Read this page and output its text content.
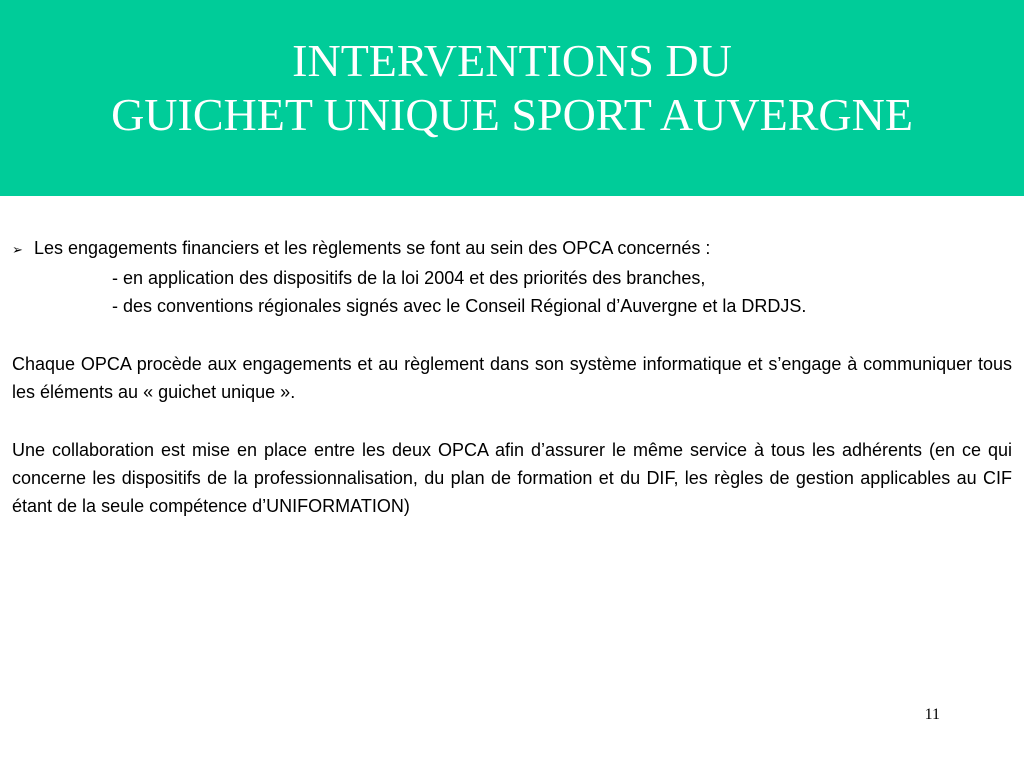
INTERVENTIONS DU
GUICHET UNIQUE SPORT AUVERGNE
➢ Les engagements financiers et les règlements se font au sein des OPCA concernés :
- en application des dispositifs de la loi 2004 et des priorités des branches,
- des conventions régionales signés avec le Conseil Régional d’Auvergne et la DRDJS.
Chaque OPCA procède aux engagements et au règlement dans son système informatique et s’engage à communiquer tous les éléments au « guichet unique ».
Une collaboration est mise en place entre les deux OPCA afin d’assurer le même service à tous les adhérents (en ce qui concerne les dispositifs de la professionnalisation, du plan de formation et du DIF, les règles de gestion applicables au CIF étant de la seule compétence d’UNIFORMATION)
11
